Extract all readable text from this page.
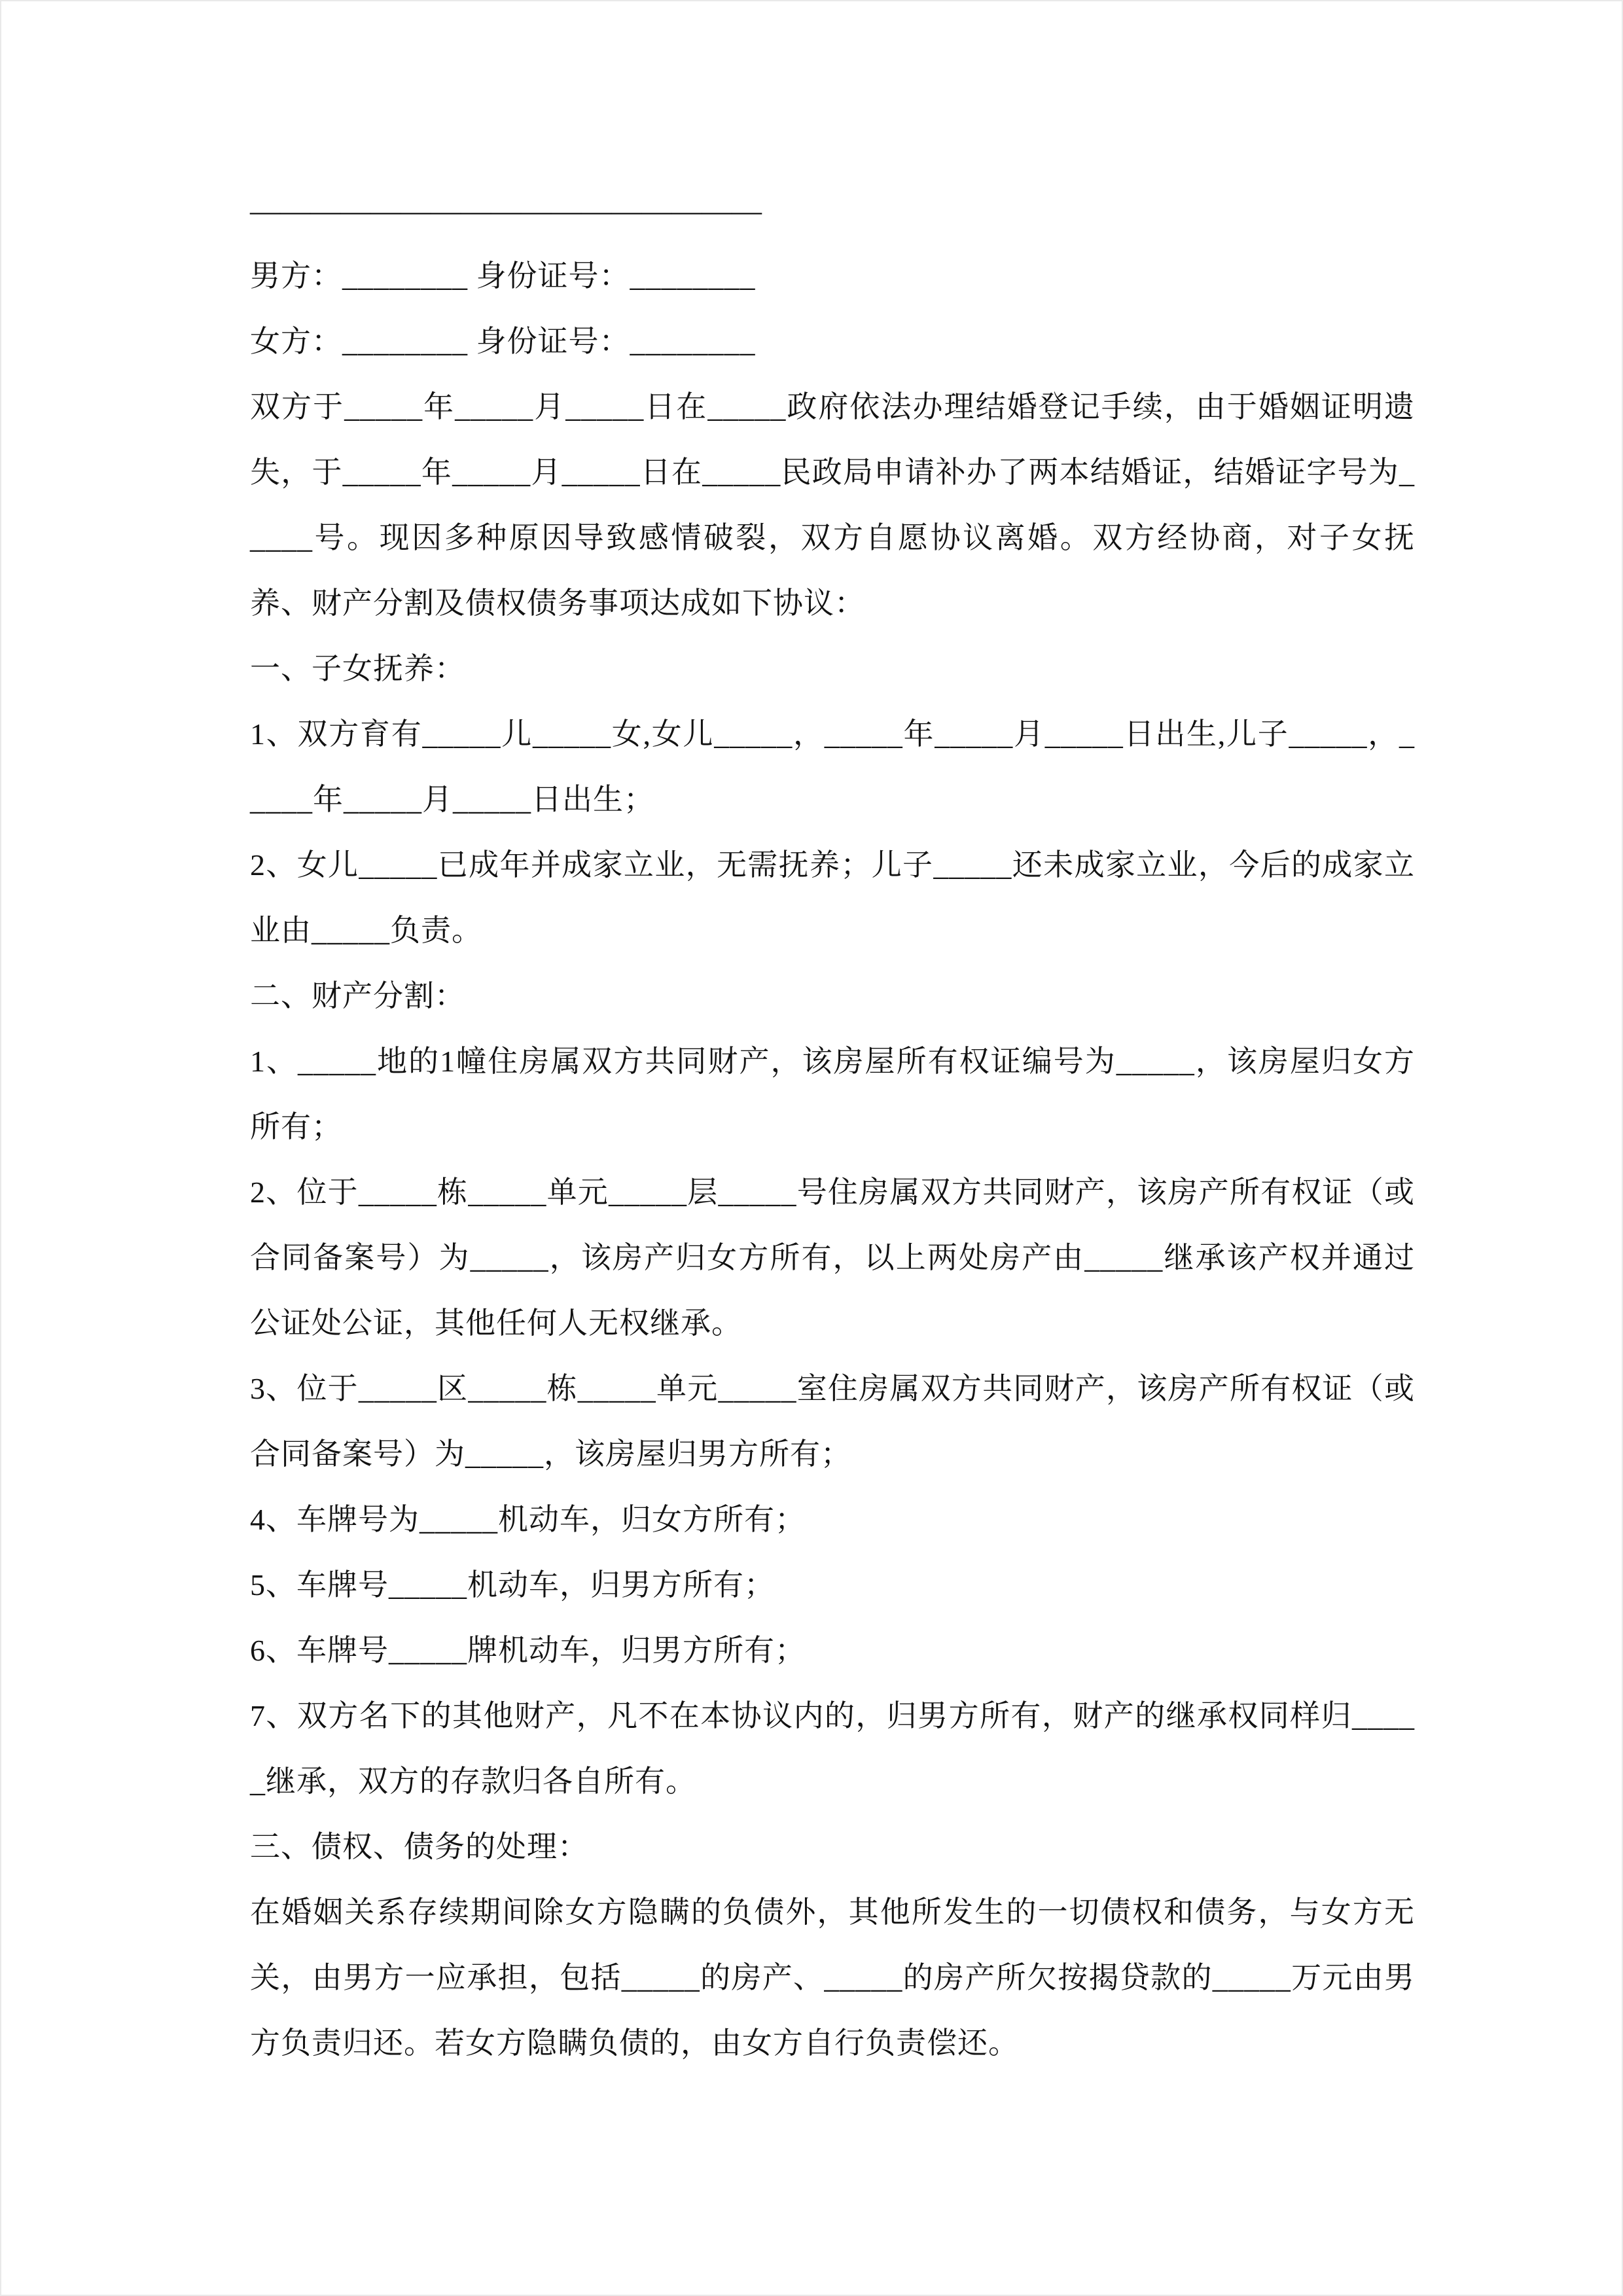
—————————————————

男方：________ 身份证号：________

女方：________ 身份证号：________

双方于_____年_____月_____日在_____政府依法办理结婚登记手续，由于婚姻证明遗失，于_____年_____月_____日在_____民政局申请补办了两本结婚证，结婚证字号为_____号。现因多种原因导致感情破裂，双方自愿协议离婚。双方经协商，对子女抚养、财产分割及债权债务事项达成如下协议：

一、子女抚养：

1、双方育有_____儿_____女,女儿_____，_____年_____月_____日出生,儿子_____，_____年_____月_____日出生；

2、女儿_____已成年并成家立业，无需抚养；儿子_____还未成家立业，今后的成家立业由_____负责。

二、财产分割：

1、_____地的1幢住房属双方共同财产，该房屋所有权证编号为_____，该房屋归女方所有；

2、位于_____栋_____单元_____层_____号住房属双方共同财产，该房产所有权证（或合同备案号）为_____，该房产归女方所有，以上两处房产由_____继承该产权并通过公证处公证，其他任何人无权继承。

3、位于_____区_____栋_____单元_____室住房属双方共同财产，该房产所有权证（或合同备案号）为_____，该房屋归男方所有；

4、车牌号为_____机动车，归女方所有；

5、车牌号_____机动车，归男方所有；

6、车牌号_____牌机动车，归男方所有；

7、双方名下的其他财产，凡不在本协议内的，归男方所有，财产的继承权同样归_____继承，双方的存款归各自所有。

三、债权、债务的处理：

在婚姻关系存续期间除女方隐瞒的负债外，其他所发生的一切债权和债务，与女方无关，由男方一应承担，包括_____的房产、_____的房产所欠按揭贷款的_____万元由男方负责归还。若女方隐瞒负债的，由女方自行负责偿还。
